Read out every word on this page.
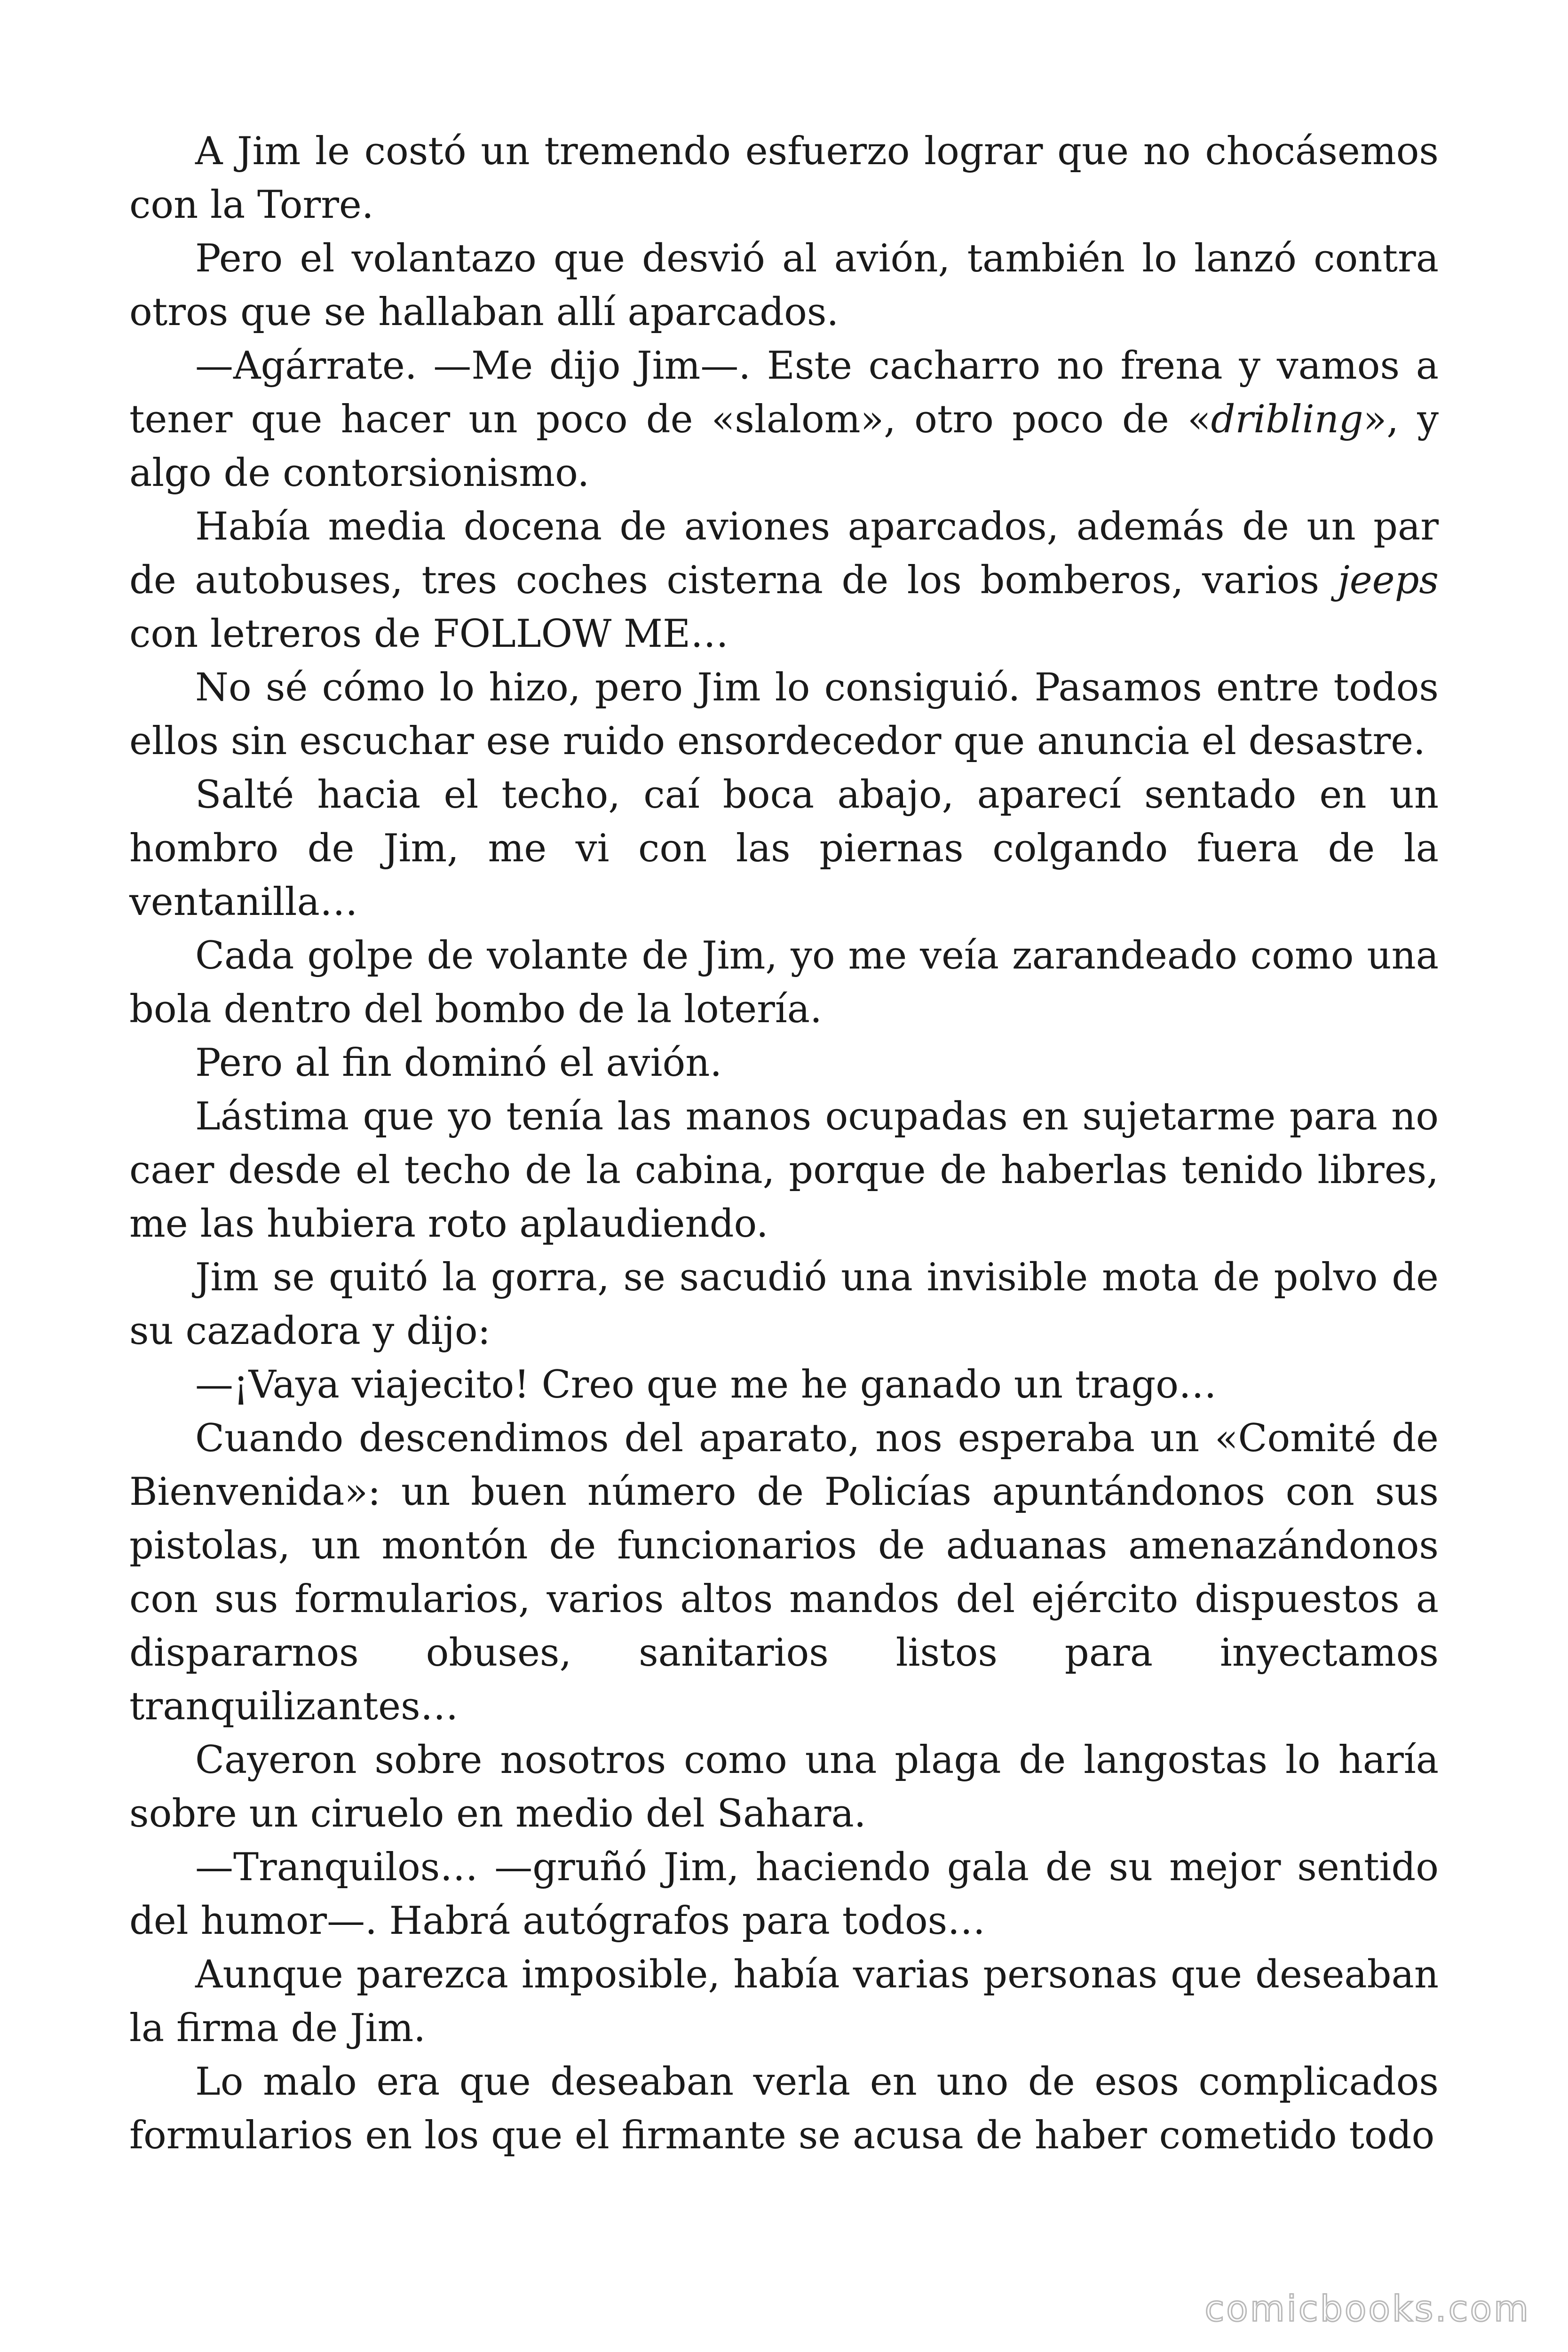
A Jim le costó un tremendo esfuerzo lograr que no chocásemos con la Torre.

Pero el volantazo que desvió al avión, también lo lanzó contra otros que se hallaban allí aparcados.

—Agárrate. —Me dijo Jim—. Este cacharro no frena y vamos a tener que hacer un poco de «slalom», otro poco de «dribling», y algo de contorsionismo.

Había media docena de aviones aparcados, además de un par de autobuses, tres coches cisterna de los bomberos, varios jeeps con letreros de FOLLOW ME…

No sé cómo lo hizo, pero Jim lo consiguió. Pasamos entre todos ellos sin escuchar ese ruido ensordecedor que anuncia el desastre.

Salté hacia el techo, caí boca abajo, aparecí sentado en un hombro de Jim, me vi con las piernas colgando fuera de la ventanilla…

Cada golpe de volante de Jim, yo me veía zarandeado como una bola dentro del bombo de la lotería.

Pero al fin dominó el avión.

Lástima que yo tenía las manos ocupadas en sujetarme para no caer desde el techo de la cabina, porque de haberlas tenido libres, me las hubiera roto aplaudiendo.

Jim se quitó la gorra, se sacudió una invisible mota de polvo de su cazadora y dijo:

—¡Vaya viajecito! Creo que me he ganado un trago…

Cuando descendimos del aparato, nos esperaba un «Comité de Bienvenida»: un buen número de Policías apuntándonos con sus pistolas, un montón de funcionarios de aduanas amenazándonos con sus formularios, varios altos mandos del ejército dispuestos a dispararnos obuses, sanitarios listos para inyectamos tranquilizantes…

Cayeron sobre nosotros como una plaga de langostas lo haría sobre un ciruelo en medio del Sahara.

—Tranquilos… —gruñó Jim, haciendo gala de su mejor sentido del humor—. Habrá autógrafos para todos…

Aunque parezca imposible, había varias personas que deseaban la firma de Jim.

Lo malo era que deseaban verla en uno de esos complicados formularios en los que el firmante se acusa de haber cometido todo

comicbooks.com
